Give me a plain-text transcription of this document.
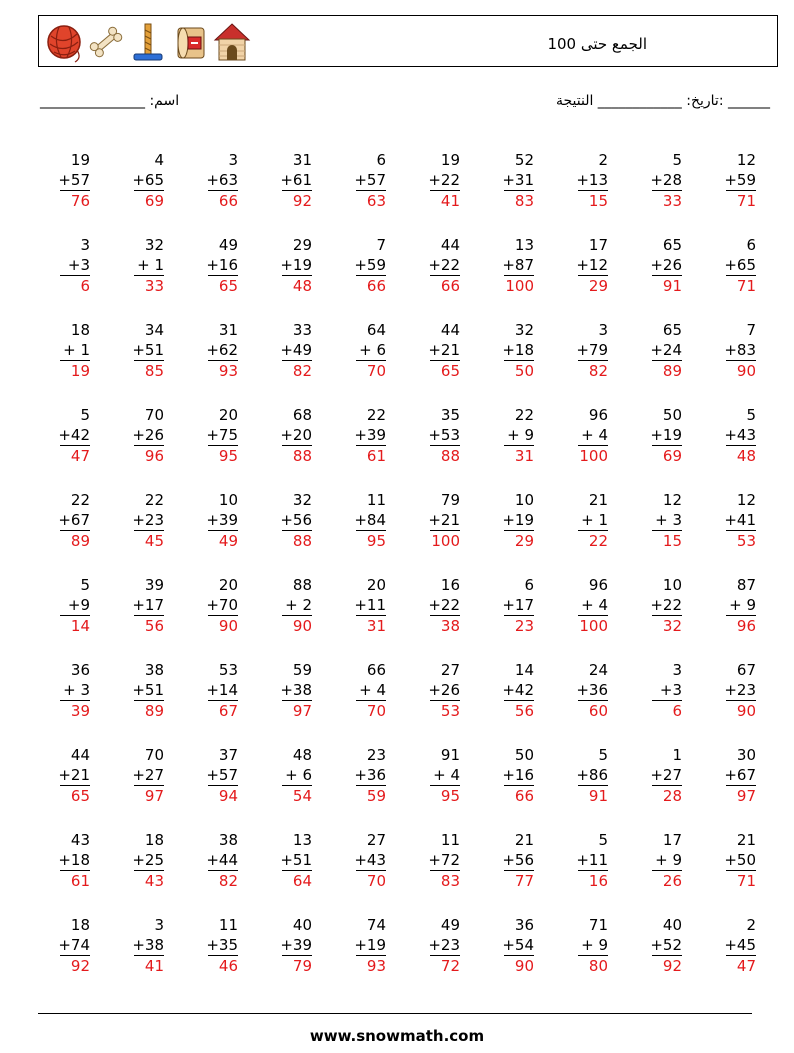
الجمع حتى 100
______ :تاريخ: ____________ النتيجة
اسم: _______________
19
+57
76
4
+65
69
3
+63
66
31
+61
92
6
+57
63
19
+22
41
52
+31
83
2
+13
15
5
+28
33
12
+59
71
3
+3
6
32
+ 1
33
49
+16
65
29
+19
48
7
+59
66
44
+22
66
13
+87
100
17
+12
29
65
+26
91
6
+65
71
18
+ 1
19
34
+51
85
31
+62
93
33
+49
82
64
+ 6
70
44
+21
65
32
+18
50
3
+79
82
65
+24
89
7
+83
90
5
+42
47
70
+26
96
20
+75
95
68
+20
88
22
+39
61
35
+53
88
22
+ 9
31
96
+ 4
100
50
+19
69
5
+43
48
22
+67
89
22
+23
45
10
+39
49
32
+56
88
11
+84
95
79
+21
100
10
+19
29
21
+ 1
22
12
+ 3
15
12
+41
53
5
+9
14
39
+17
56
20
+70
90
88
+ 2
90
20
+11
31
16
+22
38
6
+17
23
96
+ 4
100
10
+22
32
87
+ 9
96
36
+ 3
39
38
+51
89
53
+14
67
59
+38
97
66
+ 4
70
27
+26
53
14
+42
56
24
+36
60
3
+3
6
67
+23
90
44
+21
65
70
+27
97
37
+57
94
48
+ 6
54
23
+36
59
91
+ 4
95
50
+16
66
5
+86
91
1
+27
28
30
+67
97
43
+18
61
18
+25
43
38
+44
82
13
+51
64
27
+43
70
11
+72
83
21
+56
77
5
+11
16
17
+ 9
26
21
+50
71
18
+74
92
3
+38
41
11
+35
46
40
+39
79
74
+19
93
49
+23
72
36
+54
90
71
+ 9
80
40
+52
92
2
+45
47
www.snowmath.com
